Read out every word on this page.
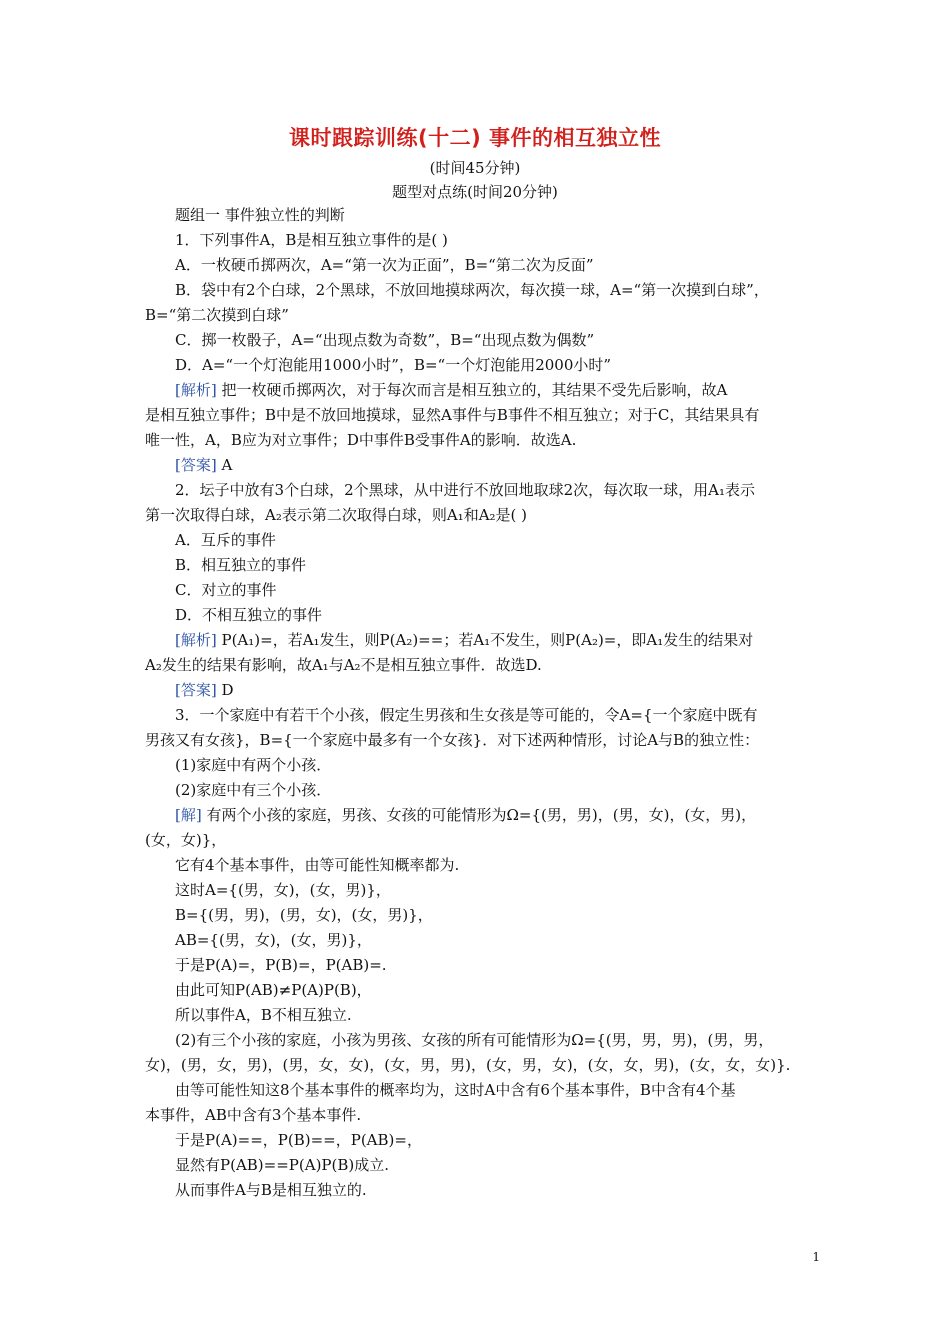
课时跟踪训练(十二) 事件的相互独立性
(时间45分钟)
题型对点练(时间20分钟)

题组一 事件独立性的判断

1．下列事件A，B是相互独立事件的是( )

A．一枚硬币掷两次，A=“第一次为正面”，B=“第二次为反面”

B．袋中有2个白球，2个黑球，不放回地摸球两次，每次摸一球，A=“第一次摸到白球”，

B=“第二次摸到白球”

C．掷一枚骰子，A=“出现点数为奇数”，B=“出现点数为偶数”

D．A=“一个灯泡能用1000小时”，B=“一个灯泡能用2000小时”

[解析] 把一枚硬币掷两次，对于每次而言是相互独立的，其结果不受先后影响，故A

是相互独立事件；B中是不放回地摸球，显然A事件与B事件不相互独立；对于C，其结果具有

唯一性，A，B应为对立事件；D中事件B受事件A的影响．故选A.

[答案] A

2．坛子中放有3个白球，2个黑球，从中进行不放回地取球2次，每次取一球，用A₁表示

第一次取得白球，A₂表示第二次取得白球，则A₁和A₂是( )

A．互斥的事件

B．相互独立的事件

C．对立的事件

D．不相互独立的事件

[解析] P(A₁)=，若A₁发生，则P(A₂)==；若A₁不发生，则P(A₂)=，即A₁发生的结果对

A₂发生的结果有影响，故A₁与A₂不是相互独立事件．故选D.

[答案] D

3．一个家庭中有若干个小孩，假定生男孩和生女孩是等可能的，令A={一个家庭中既有

男孩又有女孩}，B={一个家庭中最多有一个女孩}．对下述两种情形，讨论A与B的独立性：

(1)家庭中有两个小孩．

(2)家庭中有三个小孩．

[解] 有两个小孩的家庭，男孩、女孩的可能情形为Ω={(男，男)，(男，女)，(女，男)，

(女，女)}，

它有4个基本事件，由等可能性知概率都为.

这时A={(男，女)，(女，男)}，

B={(男，男)，(男，女)，(女，男)}，

AB={(男，女)，(女，男)}，

于是P(A)=，P(B)=，P(AB)=.

由此可知P(AB)≠P(A)P(B)，

所以事件A，B不相互独立.

(2)有三个小孩的家庭，小孩为男孩、女孩的所有可能情形为Ω={(男，男，男)，(男，男，

女)，(男，女，男)，(男，女，女)，(女，男，男)，(女，男，女)，(女，女，男)，(女，女，女)}.

由等可能性知这8个基本事件的概率均为，这时A中含有6个基本事件，B中含有4个基

本事件，AB中含有3个基本事件.

于是P(A)==，P(B)==，P(AB)=，

显然有P(AB)==P(A)P(B)成立.

从而事件A与B是相互独立的.

1
